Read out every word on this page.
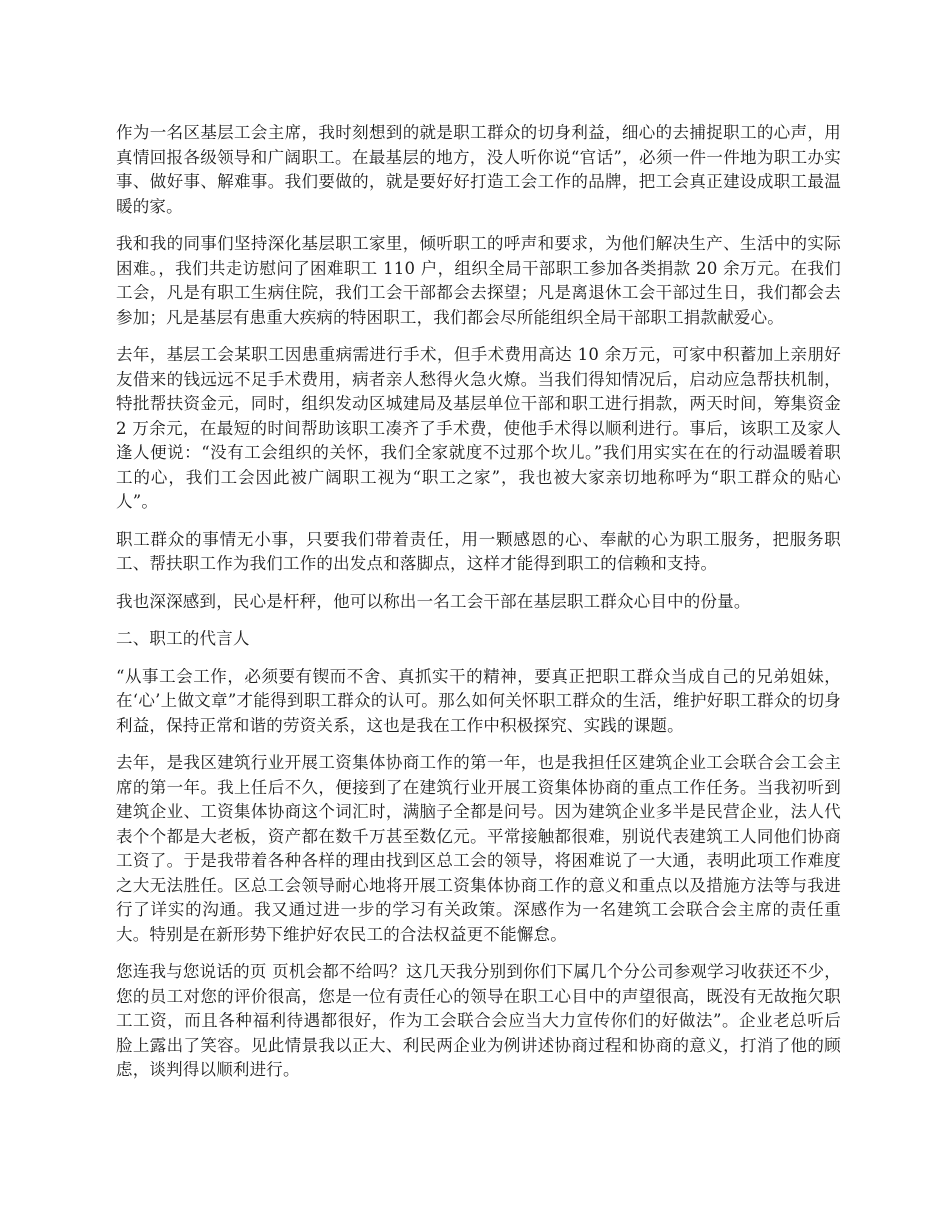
作为一名区基层工会主席，我时刻想到的就是职工群众的切身利益，细心的去捕捉职工的心声，用真情回报各级领导和广阔职工。在最基层的地方，没人听你说“官话”，必须一件一件地为职工办实事、做好事、解难事。我们要做的，就是要好好打造工会工作的品牌，把工会真正建设成职工最温暖的家。

我和我的同事们坚持深化基层职工家里，倾听职工的呼声和要求，为他们解决生产、生活中的实际困难。，我们共走访慰问了困难职工 110 户，组织全局干部职工参加各类捐款 20 余万元。在我们工会，凡是有职工生病住院，我们工会干部都会去探望；凡是离退休工会干部过生日，我们都会去参加；凡是基层有患重大疾病的特困职工，我们都会尽所能组织全局干部职工捐款献爱心。

去年，基层工会某职工因患重病需进行手术，但手术费用高达 10 余万元，可家中积蓄加上亲朋好友借来的钱远远不足手术费用，病者亲人愁得火急火燎。当我们得知情况后，启动应急帮扶机制，特批帮扶资金元，同时，组织发动区城建局及基层单位干部和职工进行捐款，两天时间，筹集资金 2 万余元，在最短的时间帮助该职工凑齐了手术费，使他手术得以顺利进行。事后，该职工及家人逢人便说：“没有工会组织的关怀，我们全家就度不过那个坎儿。”我们用实实在在的行动温暖着职工的心，我们工会因此被广阔职工视为“职工之家”，我也被大家亲切地称呼为“职工群众的贴心人”。

职工群众的事情无小事，只要我们带着责任，用一颗感恩的心、奉献的心为职工服务，把服务职工、帮扶职工作为我们工作的出发点和落脚点，这样才能得到职工的信赖和支持。

我也深深感到，民心是杆秤，他可以称出一名工会干部在基层职工群众心目中的份量。

二、职工的代言人

“从事工会工作，必须要有锲而不舍、真抓实干的精神，要真正把职工群众当成自己的兄弟姐妹，在‘心’上做文章”才能得到职工群众的认可。那么如何关怀职工群众的生活，维护好职工群众的切身利益，保持正常和谐的劳资关系，这也是我在工作中积极探究、实践的课题。

去年，是我区建筑行业开展工资集体协商工作的第一年，也是我担任区建筑企业工会联合会工会主席的第一年。我上任后不久，便接到了在建筑行业开展工资集体协商的重点工作任务。当我初听到建筑企业、工资集体协商这个词汇时，满脑子全都是问号。因为建筑企业多半是民营企业，法人代表个个都是大老板，资产都在数千万甚至数亿元。平常接触都很难，别说代表建筑工人同他们协商工资了。于是我带着各种各样的理由找到区总工会的领导，将困难说了一大通，表明此项工作难度之大无法胜任。区总工会领导耐心地将开展工资集体协商工作的意义和重点以及措施方法等与我进行了详实的沟通。我又通过进一步的学习有关政策。深感作为一名建筑工会联合会主席的责任重大。特别是在新形势下维护好农民工的合法权益更不能懈怠。

您连我与您说话的页 页机会都不给吗？这几天我分别到你们下属几个分公司参观学习收获还不少，您的员工对您的评价很高，您是一位有责任心的领导在职工心目中的声望很高，既没有无故拖欠职工工资，而且各种福利待遇都很好，作为工会联合会应当大力宣传你们的好做法”。企业老总听后脸上露出了笑容。见此情景我以正大、利民两企业为例讲述协商过程和协商的意义，打消了他的顾虑，谈判得以顺利进行。
